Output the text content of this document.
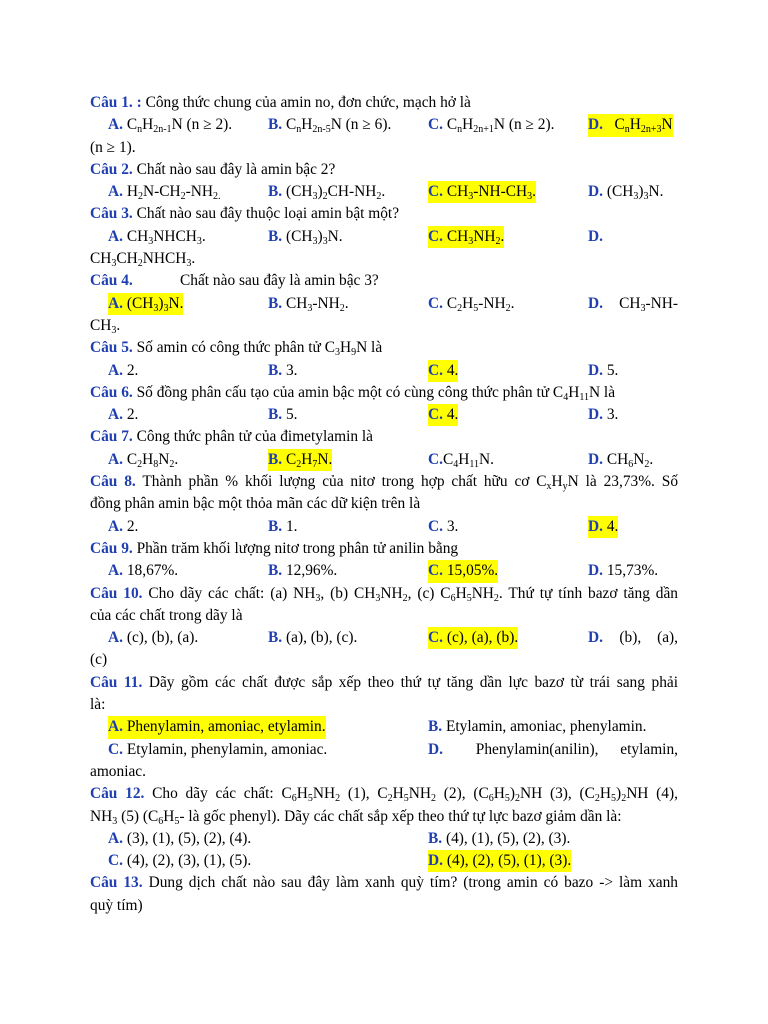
Câu 1. : Công thức chung của amin no, đơn chức, mạch hở là
A. $C_nH_{2n-1}N$ (n ≥ 2). B. $C_nH_{2n-5}N$ (n ≥ 6). C. $C_nH_{2n+1}N$ (n ≥ 2). D. $C_nH_{2n+3}N$
(n ≥ 1).
Câu 2. Chất nào sau đây là amin bậc 2?
A. $H_2N-CH_2-NH_{2.}$	B. $(CH_3)_2CH-NH_2$.	C. $CH_3-NH-CH_3$.	D. $(CH_3)_3N$.
Câu 3. Chất nào sau đây thuộc loại amin bật một?
A. $CH_3NHCH_3$.	B. $(CH_3)_3N$.	C. $CH_3NH_2$.	D.
$CH_3CH_2NHCH_3$.
Câu 4.	Chất nào sau đây là amin bậc 3?
A. $(CH_3)_3N$.	B. $CH_3-NH_2$.	C. $C_2H_5-NH_2$.	D. $CH_3-NH-$
$CH_3$.
Câu 5. Số amin có công thức phân tử $C_3H_9N$ là
A. 2.	B. 3.	C. 4.	D. 5.
Câu 6. Số đồng phân cấu tạo của amin bậc một có cùng công thức phân tử $C_4H_{11}N$ là
A. 2.	B. 5.	C. 4.	D. 3.
Câu 7. Công thức phân tử của đimetylamin là
A. $C_2H_8N_2$.	B. $C_2H_7N$.	$C.C_4H_{11}N$.	D. $CH_6N_2$.
Câu 8. Thành phần % khối lượng của nitơ trong hợp chất hữu cơ $C_xH_yN$ là 23,73%. Số
đồng phân amin bậc một thỏa mãn các dữ kiện trên là
A. 2.	B. 1.	C. 3.	D. 4.
Câu 9. Phần trăm khối lượng nitơ trong phân tử anilin bằng
A. 18,67%.	B. 12,96%.	C. 15,05%.	D. 15,73%.
Câu 10. Cho dãy các chất: (a) $NH_3$, (b) $CH_3NH_2$, (c) $C_6H_5NH_2$. Thứ tự tính bazơ tăng dần
của các chất trong dãy là
A. (c), (b), (a).	B. (a), (b), (c).	C. (c), (a), (b).	D. (b), (a),
(c)
Câu 11. Dãy gồm các chất được sắp xếp theo thứ tự tăng dần lực bazơ từ trái sang phải
là:
A. Phenylamin, amoniac, etylamin.	B. Etylamin, amoniac, phenylamin.
C. Etylamin, phenylamin, amoniac.	D. Phenylamin(anilin), etylamin,
amoniac.
Câu 12. Cho dãy các chất: $C_6H_5NH_2$ (1), $C_2H_5NH_2$ (2), $(C_6H_5)_2NH$ (3), $(C_2H_5)_2NH$ (4),
$NH_3$ (5) ($C_6H_5-$ là gốc phenyl). Dãy các chất sắp xếp theo thứ tự lực bazơ giảm dần là:
A. (3), (1), (5), (2), (4).	B. (4), (1), (5), (2), (3).
C. (4), (2), (3), (1), (5).	D. (4), (2), (5), (1), (3).
Câu 13. Dung dịch chất nào sau đây làm xanh quỳ tím? (trong amin có bazo -> làm xanh
quỳ tím)
